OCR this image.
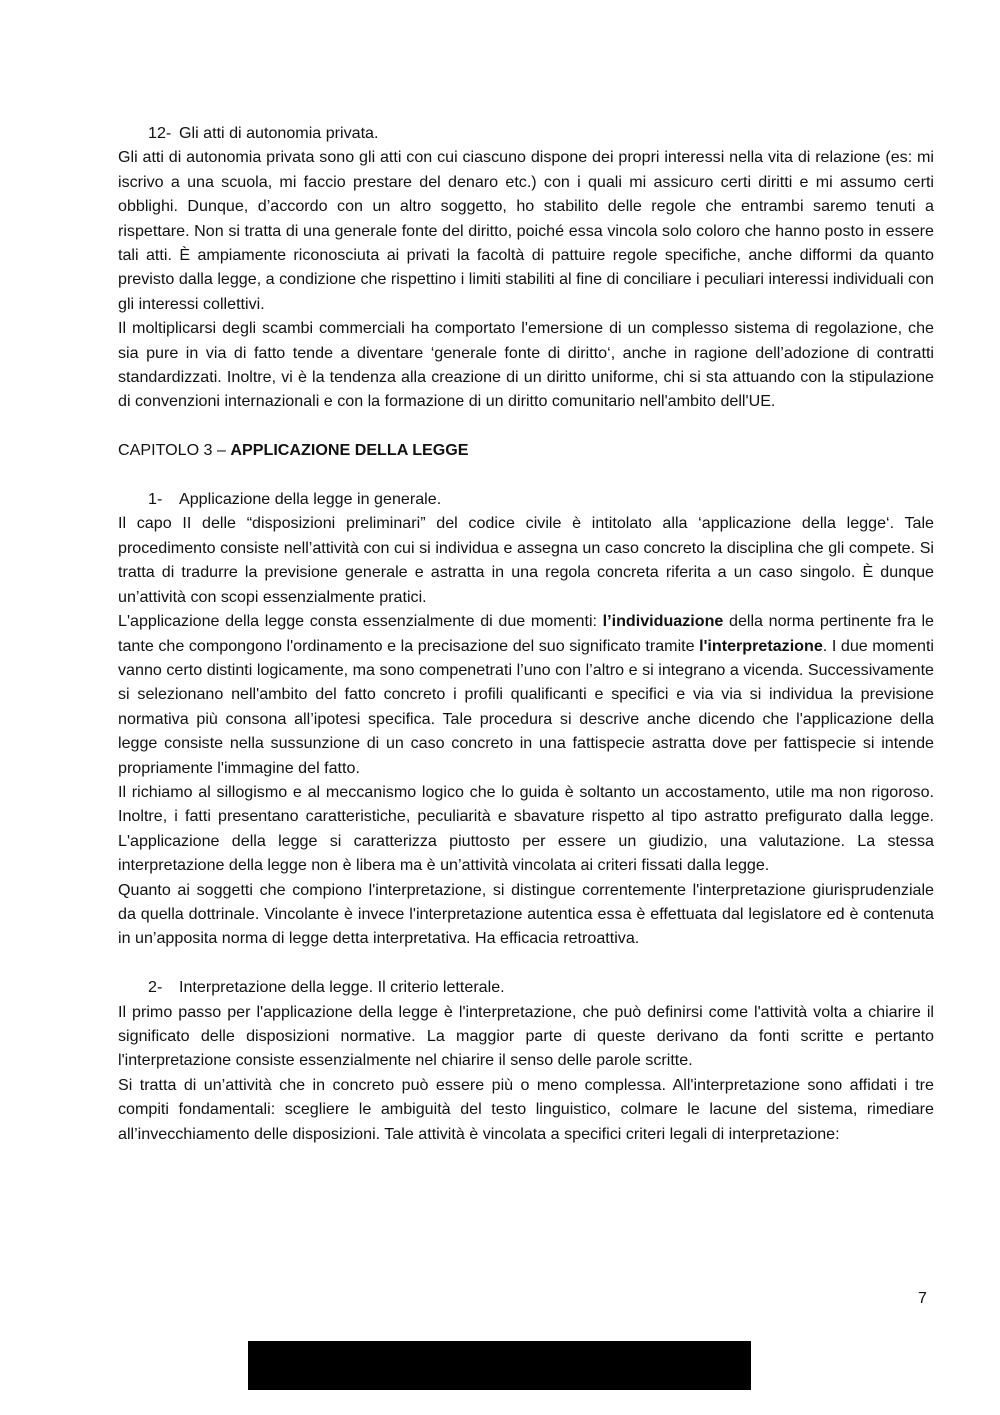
12- Gli atti di autonomia privata.

Gli atti di autonomia privata sono gli atti con cui ciascuno dispone dei propri interessi nella vita di relazione (es: mi iscrivo a una scuola, mi faccio prestare del denaro etc.) con i quali mi assicuro certi diritti e mi assumo certi obblighi. Dunque, d’accordo con un altro soggetto, ho stabilito delle regole che entrambi saremo tenuti a rispettare. Non si tratta di una generale fonte del diritto, poiché essa vincola solo coloro che hanno posto in essere tali atti. È ampiamente riconosciuta ai privati la facoltà di pattuire regole specifiche, anche difformi da quanto previsto dalla legge, a condizione che rispettino i limiti stabiliti al fine di conciliare i peculiari interessi individuali con gli interessi collettivi.

Il moltiplicarsi degli scambi commerciali ha comportato l'emersione di un complesso sistema di regolazione, che sia pure in via di fatto tende a diventare ‘generale fonte di diritto‘, anche in ragione dell’adozione di contratti standardizzati. Inoltre, vi è la tendenza alla creazione di un diritto uniforme, chi si sta attuando con la stipulazione di convenzioni internazionali e con la formazione di un diritto comunitario nell'ambito dell'UE.

CAPITOLO 3 – APPLICAZIONE DELLA LEGGE

1- Applicazione della legge in generale.

Il capo II delle “disposizioni preliminari” del codice civile è intitolato alla ‘applicazione della legge‘. Tale procedimento consiste nell’attività con cui si individua e assegna un caso concreto la disciplina che gli compete. Si tratta di tradurre la previsione generale e astratta in una regola concreta riferita a un caso singolo. È dunque un’attività con scopi essenzialmente pratici.

L'applicazione della legge consta essenzialmente di due momenti: l’individuazione della norma pertinente fra le tante che compongono l'ordinamento e la precisazione del suo significato tramite l'interpretazione. I due momenti vanno certo distinti logicamente, ma sono compenetrati l’uno con l’altro e si integrano a vicenda. Successivamente si selezionano nell'ambito del fatto concreto i profili qualificanti e specifici e via via si individua la previsione normativa più consona all’ipotesi specifica. Tale procedura si descrive anche dicendo che l'applicazione della legge consiste nella sussunzione di un caso concreto in una fattispecie astratta dove per fattispecie si intende propriamente l'immagine del fatto.

Il richiamo al sillogismo e al meccanismo logico che lo guida è soltanto un accostamento, utile ma non rigoroso. Inoltre, i fatti presentano caratteristiche, peculiarità e sbavature rispetto al tipo astratto prefigurato dalla legge. L'applicazione della legge si caratterizza piuttosto per essere un giudizio, una valutazione. La stessa interpretazione della legge non è libera ma è un’attività vincolata ai criteri fissati dalla legge.

Quanto ai soggetti che compiono l'interpretazione, si distingue correntemente l'interpretazione giurisprudenziale da quella dottrinale. Vincolante è invece l'interpretazione autentica essa è effettuata dal legislatore ed è contenuta in un’apposita norma di legge detta interpretativa. Ha efficacia retroattiva.

2- Interpretazione della legge. Il criterio letterale.

Il primo passo per l'applicazione della legge è l'interpretazione, che può definirsi come l'attività volta a chiarire il significato delle disposizioni normative. La maggior parte di queste derivano da fonti scritte e pertanto l'interpretazione consiste essenzialmente nel chiarire il senso delle parole scritte.

Si tratta di un’attività che in concreto può essere più o meno complessa. All'interpretazione sono affidati i tre compiti fondamentali: scegliere le ambiguità del testo linguistico, colmare le lacune del sistema, rimediare all’invecchiamento delle disposizioni. Tale attività è vincolata a specifici criteri legali di interpretazione:

7
